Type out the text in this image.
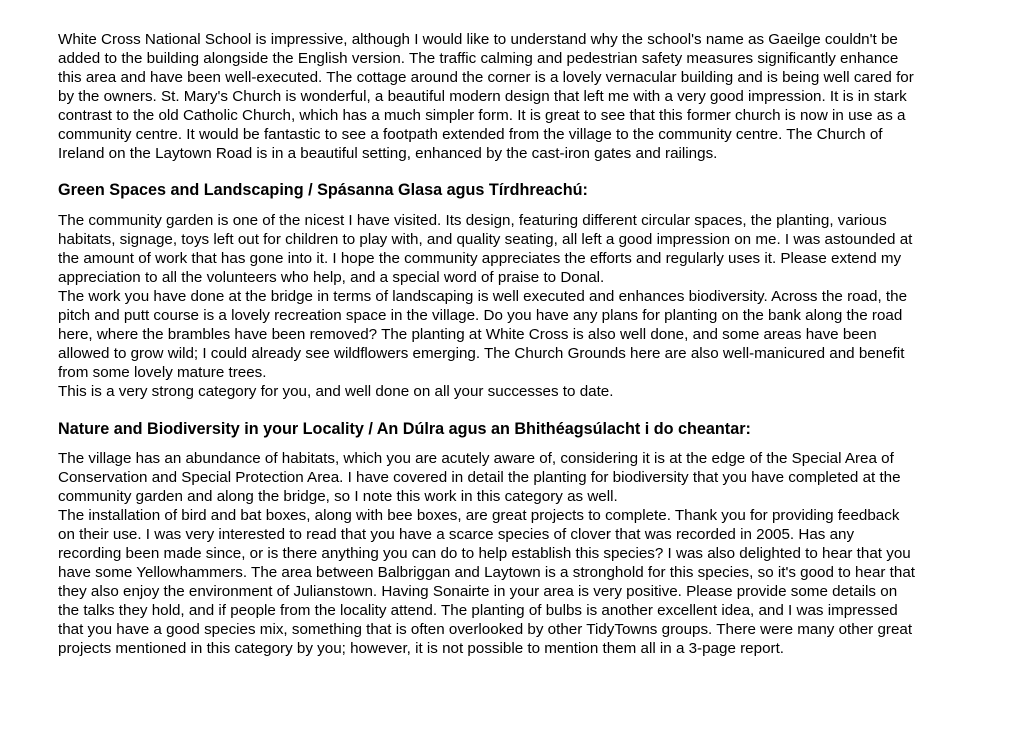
White Cross National School is impressive, although I would like to understand why the school's name as Gaeilge couldn't be added to the building alongside the English version. The traffic calming and pedestrian safety measures significantly enhance this area and have been well-executed. The cottage around the corner is a lovely vernacular building and is being well cared for by the owners. St. Mary's Church is wonderful, a beautiful modern design that left me with a very good impression. It is in stark contrast to the old Catholic Church, which has a much simpler form. It is great to see that this former church is now in use as a community centre. It would be fantastic to see a footpath extended from the village to the community centre. The Church of Ireland on the Laytown Road is in a beautiful setting, enhanced by the cast-iron gates and railings.

Green Spaces and Landscaping / Spásanna Glasa agus Tírdhreachú:

The community garden is one of the nicest I have visited. Its design, featuring different circular spaces, the planting, various habitats, signage, toys left out for children to play with, and quality seating, all left a good impression on me. I was astounded at the amount of work that has gone into it. I hope the community appreciates the efforts and regularly uses it. Please extend my appreciation to all the volunteers who help, and a special word of praise to Donal.

The work you have done at the bridge in terms of landscaping is well executed and enhances biodiversity. Across the road, the pitch and putt course is a lovely recreation space in the village. Do you have any plans for planting on the bank along the road here, where the brambles have been removed? The planting at White Cross is also well done, and some areas have been allowed to grow wild; I could already see wildflowers emerging. The Church Grounds here are also well-manicured and benefit from some lovely mature trees.

This is a very strong category for you, and well done on all your successes to date.

Nature and Biodiversity in your Locality / An Dúlra agus an Bhithéagsúlacht i do cheantar:

The village has an abundance of habitats, which you are acutely aware of, considering it is at the edge of the Special Area of Conservation and Special Protection Area. I have covered in detail the planting for biodiversity that you have completed at the community garden and along the bridge, so I note this work in this category as well.

The installation of bird and bat boxes, along with bee boxes, are great projects to complete. Thank you for providing feedback on their use. I was very interested to read that you have a scarce species of clover that was recorded in 2005. Has any recording been made since, or is there anything you can do to help establish this species? I was also delighted to hear that you have some Yellowhammers. The area between Balbriggan and Laytown is a stronghold for this species, so it's good to hear that they also enjoy the environment of Julianstown. Having Sonairte in your area is very positive. Please provide some details on the talks they hold, and if people from the locality attend. The planting of bulbs is another excellent idea, and I was impressed that you have a good species mix, something that is often overlooked by other TidyTowns groups. There were many other great projects mentioned in this category by you; however, it is not possible to mention them all in a 3-page report.
